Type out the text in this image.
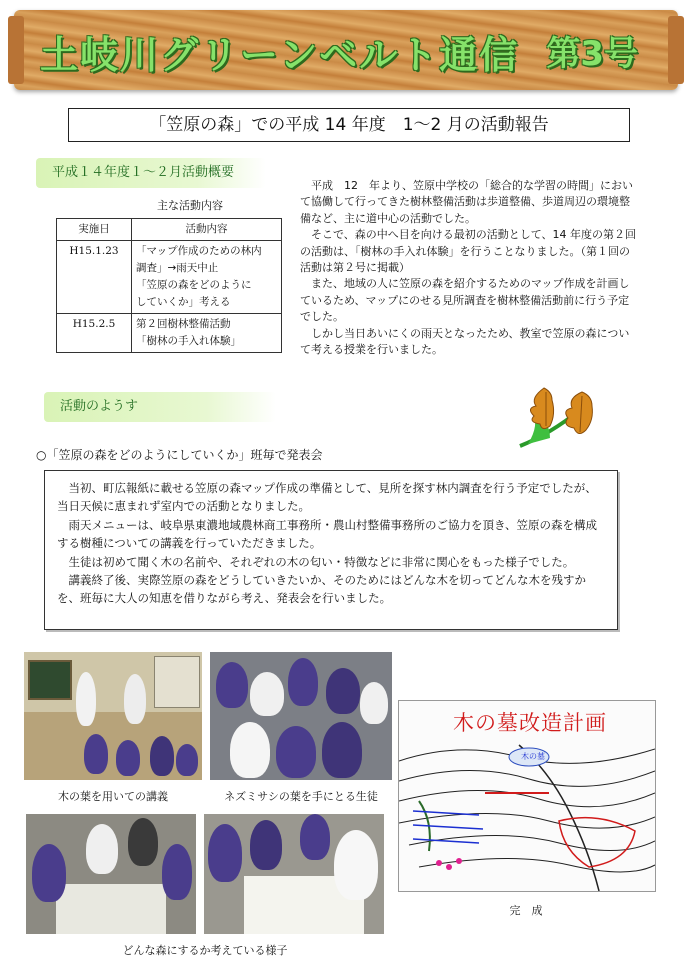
土岐川グリーンベルト通信 第3号
「笠原の森」での平成 14 年度　1～2 月の活動報告
平成１４年度１～２月活動概要
主な活動内容
実施日	活動内容
H15.1.23	「マップ作成のための林内
調査」→雨天中止
「笠原の森をどのように
していくか」考える

H15.2.5	第２回樹林整備活動
「樹林の手入れ体験」

平成　12　年より、笠原中学校の「総合的な学習の時間」において協働して行ってきた樹林整備活動は歩道整備、歩道周辺の環境整備など、主に道中心の活動でした。

そこで、森の中へ目を向ける最初の活動として、14 年度の第２回の活動は、「樹林の手入れ体験」を行うことなりました。（第１回の活動は第２号に掲載）

また、地域の人に笠原の森を紹介するためのマップ作成を計画しているため、マップにのせる見所調査を樹林整備活動前に行う予定でした。

しかし当日あいにくの雨天となったため、教室で笠原の森について考える授業を行いました。

活動のようす
○「笠原の森をどのようにしていくか」班毎で発表会

当初、町広報紙に載せる笠原の森マップ作成の準備として、見所を探す林内調査を行う予定でしたが、当日天候に恵まれず室内での活動となりました。

雨天メニューは、岐阜県東濃地域農林商工事務所・農山村整備事務所のご協力を頂き、笠原の森を構成する樹種についての講義を行っていただきました。

生徒は初めて聞く木の名前や、それぞれの木の匂い・特徴などに非常に関心をもった様子でした。

講義終了後、実際笠原の森をどうしていきたいか、そのためにはどんな木を切ってどんな木を残すかを、班毎に大人の知恵を借りながら考え、発表会を行いました。

木の葉を用いての講義	ネズミサシの葉を手にとる生徒
どんな森にするか考えている様子
木の墓改造計画
木の墓
完　成
